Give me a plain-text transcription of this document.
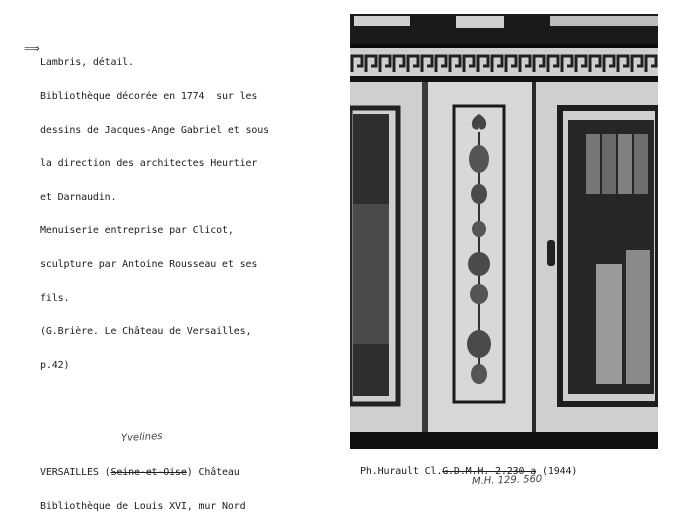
⟹

Lambris, détail.

Bibliothèque décorée en 1774  sur les

dessins de Jacques-Ange Gabriel et sous

la direction des architectes Heurtier

et Darnaudin.

Menuiserie entreprise par Clicot,

sculpture par Antoine Rousseau et ses

fils.

(G.Brière. Le Château de Versailles,

p.42)

Yvelines

VERSAILLES (Seine-et-Oise) Château

Bibliothèque de Louis XVI, mur Nord

Ph.Hurault Cl.G.D.M.H. 2.230 a (1944)
M.H. 129. 560
